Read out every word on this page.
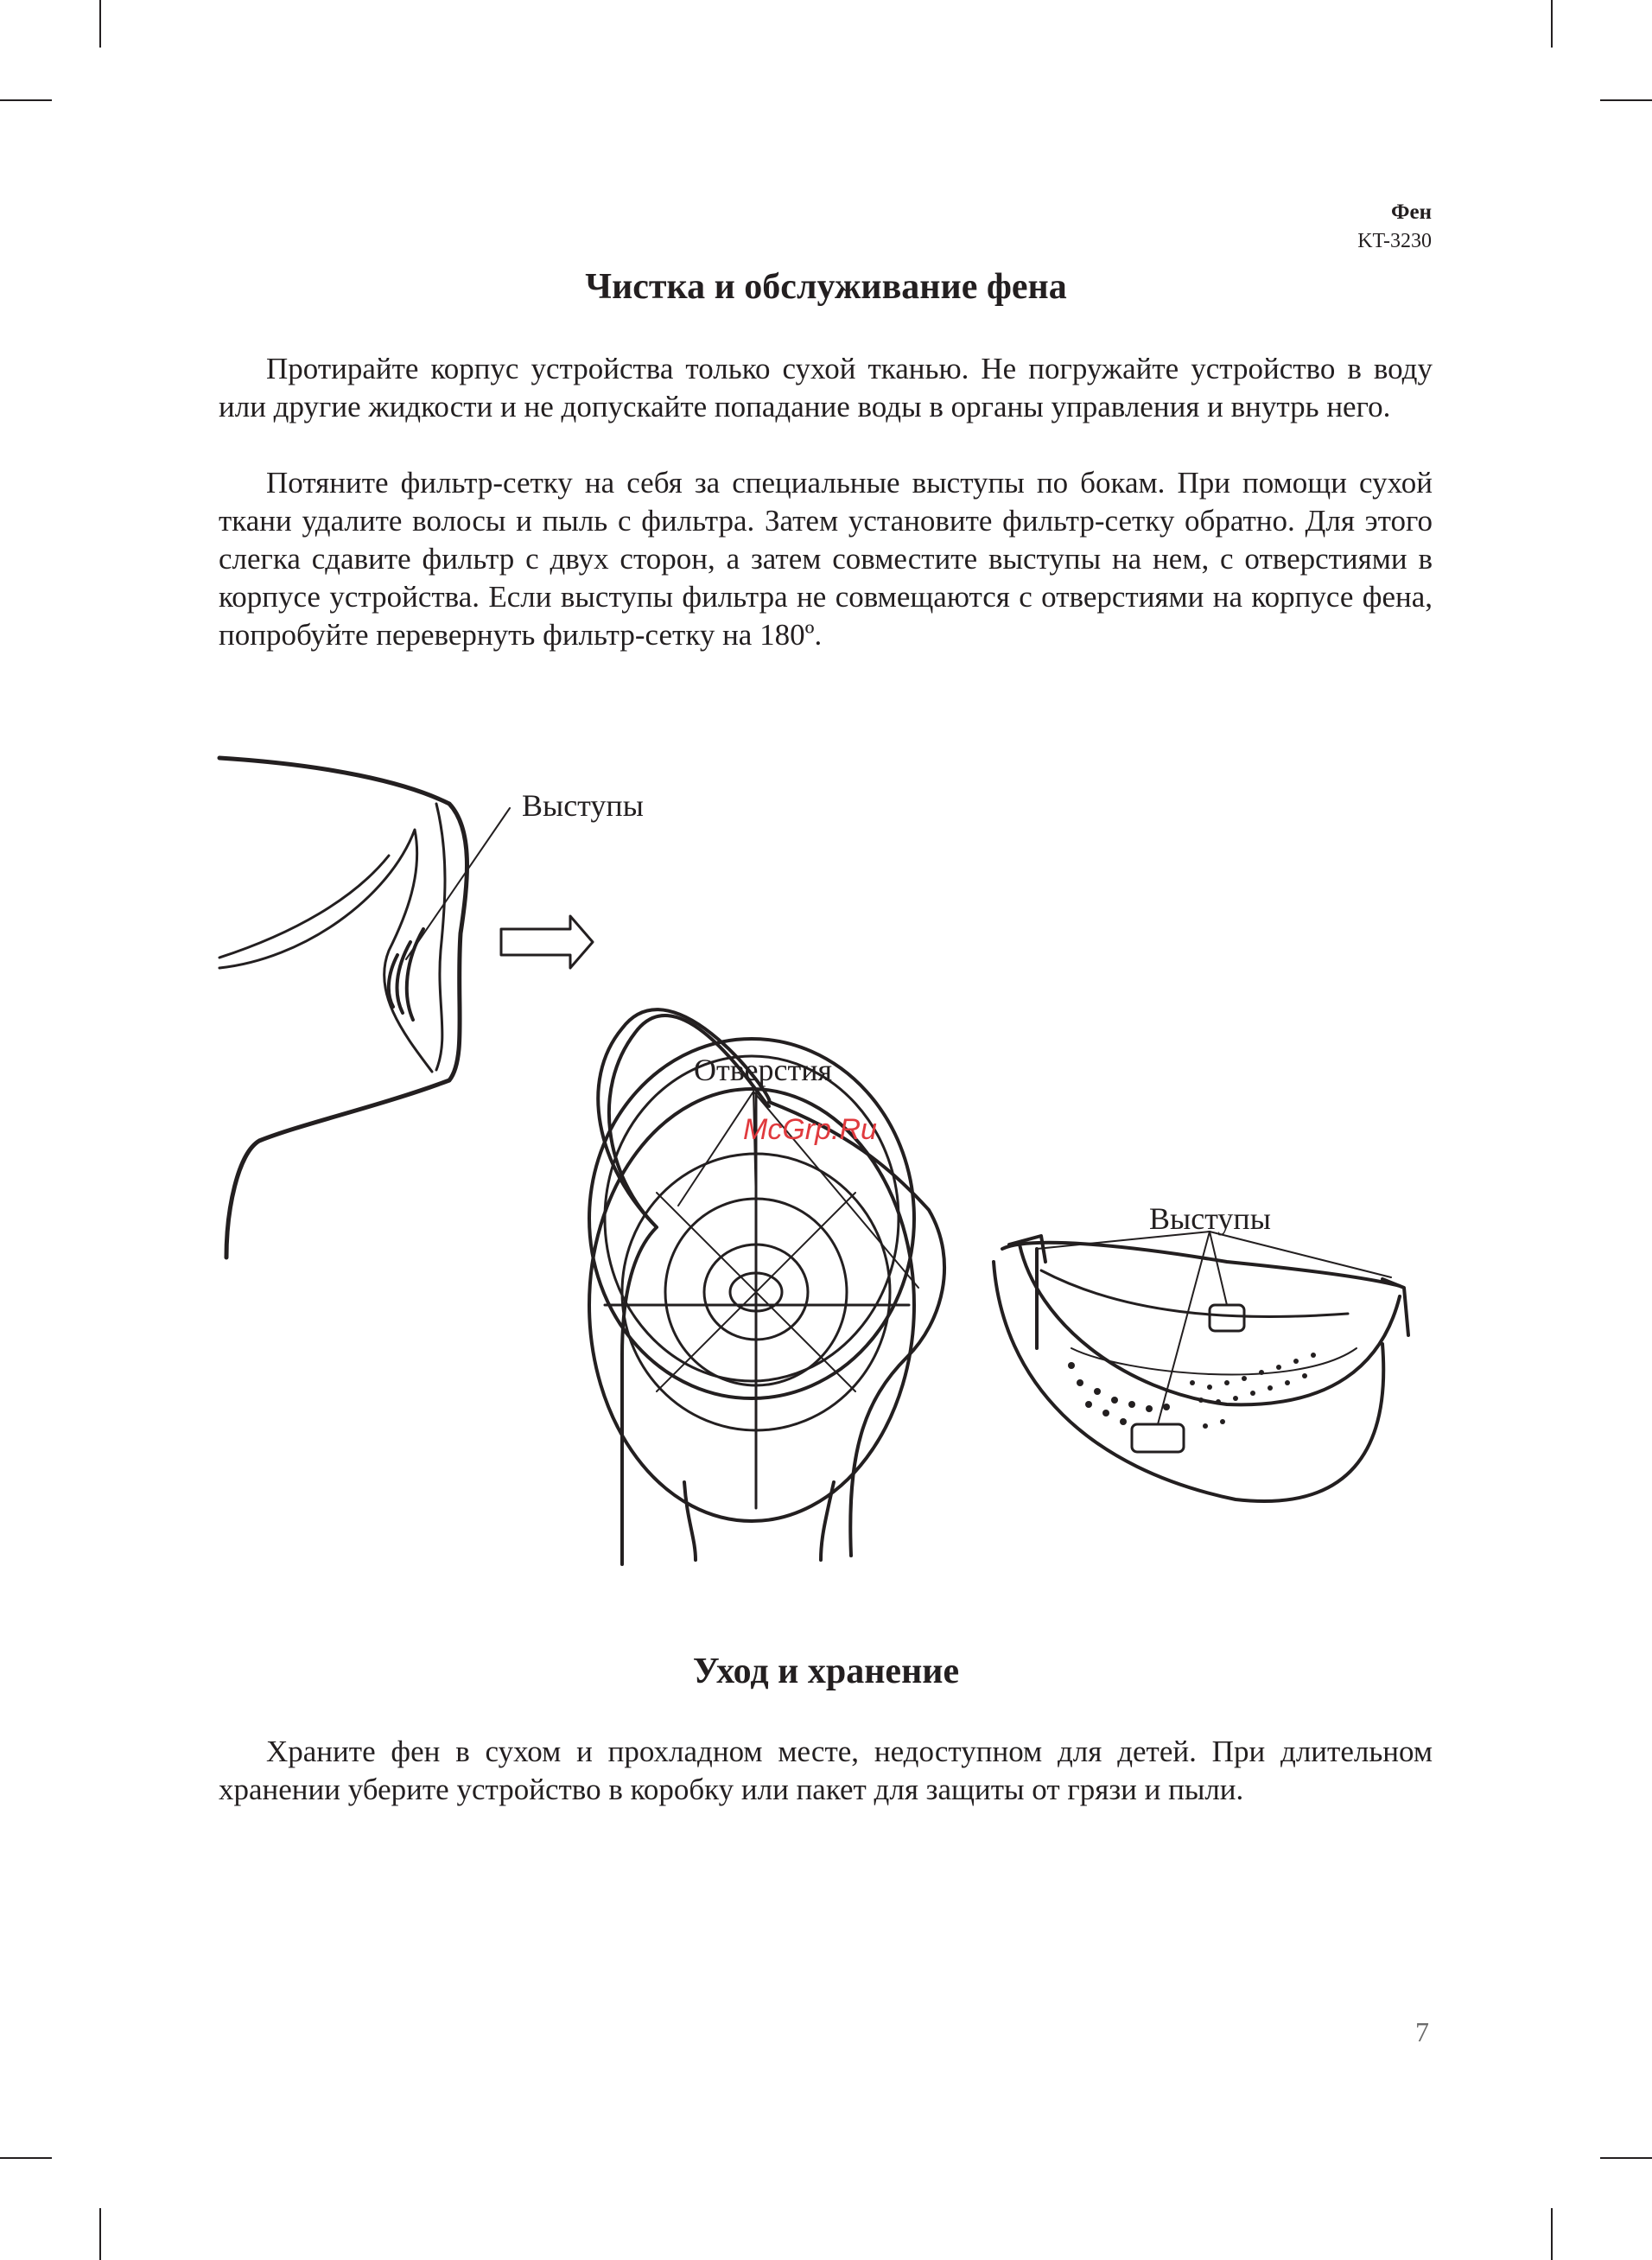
Фен
KT-3230
Чистка и обслуживание фена

Протирайте корпус устройства только сухой тканью. Не погружайте устройство в воду или другие жидкости и не допускайте попадание воды в органы управления и внутрь него.

Потяните фильтр-сетку на себя за специальные выступы по бокам. При помощи сухой ткани удалите волосы и пыль с фильтра. Затем установите фильтр-сетку обратно. Для этого слегка сдавите фильтр с двух сторон, а затем совместите выступы на нем, с отверстиями в корпусе устройства. Если выступы фильтра не совмещаются с отверстиями на корпусе фена, попробуйте перевернуть фильтр-сетку на 180º.

Выступы
Отверстия
McGrp.Ru
Выступы
Уход и хранение

Храните фен в сухом и прохладном месте, недоступном для детей. При длительном хранении уберите устройство в коробку или пакет для защиты от грязи и пыли.

7
